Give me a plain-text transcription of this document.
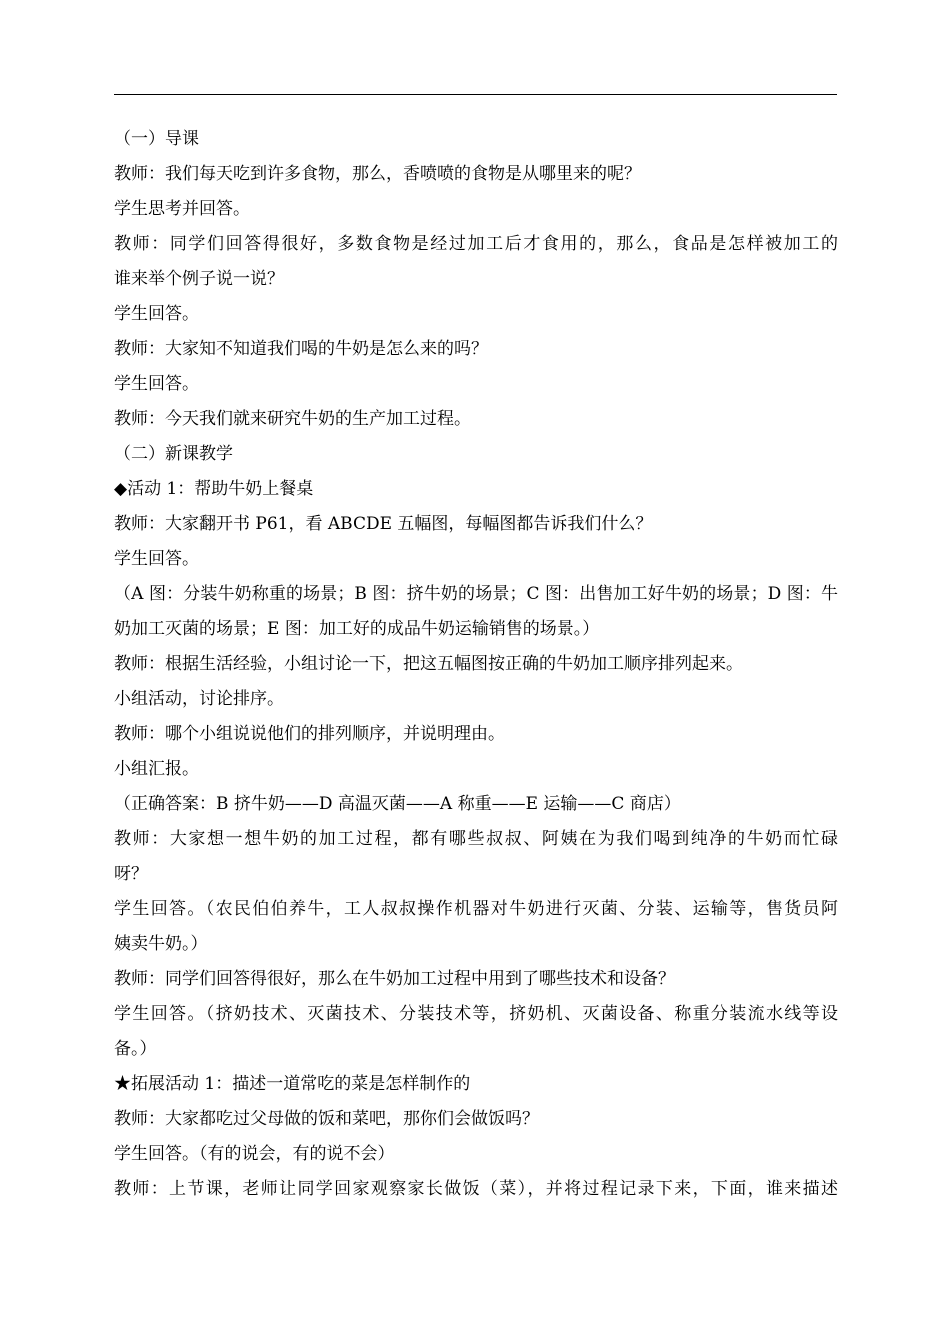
（一）导课
教师：我们每天吃到许多食物，那么，香喷喷的食物是从哪里来的呢？
学生思考并回答。
教师：同学们回答得很好，多数食物是经过加工后才食用的，那么，食品是怎样被加工的
谁来举个例子说一说？
学生回答。
教师：大家知不知道我们喝的牛奶是怎么来的吗？
学生回答。
教师：今天我们就来研究牛奶的生产加工过程。
（二）新课教学
◆活动 1：帮助牛奶上餐桌
教师：大家翻开书 P61，看 ABCDE 五幅图，每幅图都告诉我们什么？
学生回答。
（A 图：分装牛奶称重的场景；B 图：挤牛奶的场景；C 图：出售加工好牛奶的场景；D 图：牛
奶加工灭菌的场景；E 图：加工好的成品牛奶运输销售的场景。）
教师：根据生活经验，小组讨论一下，把这五幅图按正确的牛奶加工顺序排列起来。
小组活动，讨论排序。
教师：哪个小组说说他们的排列顺序，并说明理由。
小组汇报。
（正确答案：B 挤牛奶——D 高温灭菌——A 称重——E 运输——C 商店）
教师：大家想一想牛奶的加工过程，都有哪些叔叔、阿姨在为我们喝到纯净的牛奶而忙碌
呀？
学生回答。（农民伯伯养牛，工人叔叔操作机器对牛奶进行灭菌、分装、运输等，售货员阿
姨卖牛奶。）
教师：同学们回答得很好，那么在牛奶加工过程中用到了哪些技术和设备？
学生回答。（挤奶技术、灭菌技术、分装技术等，挤奶机、灭菌设备、称重分装流水线等设
备。）
★拓展活动 1：描述一道常吃的菜是怎样制作的
教师：大家都吃过父母做的饭和菜吧，那你们会做饭吗？
学生回答。（有的说会，有的说不会）
教师：上节课，老师让同学回家观察家长做饭（菜），并将过程记录下来，下面，谁来描述
